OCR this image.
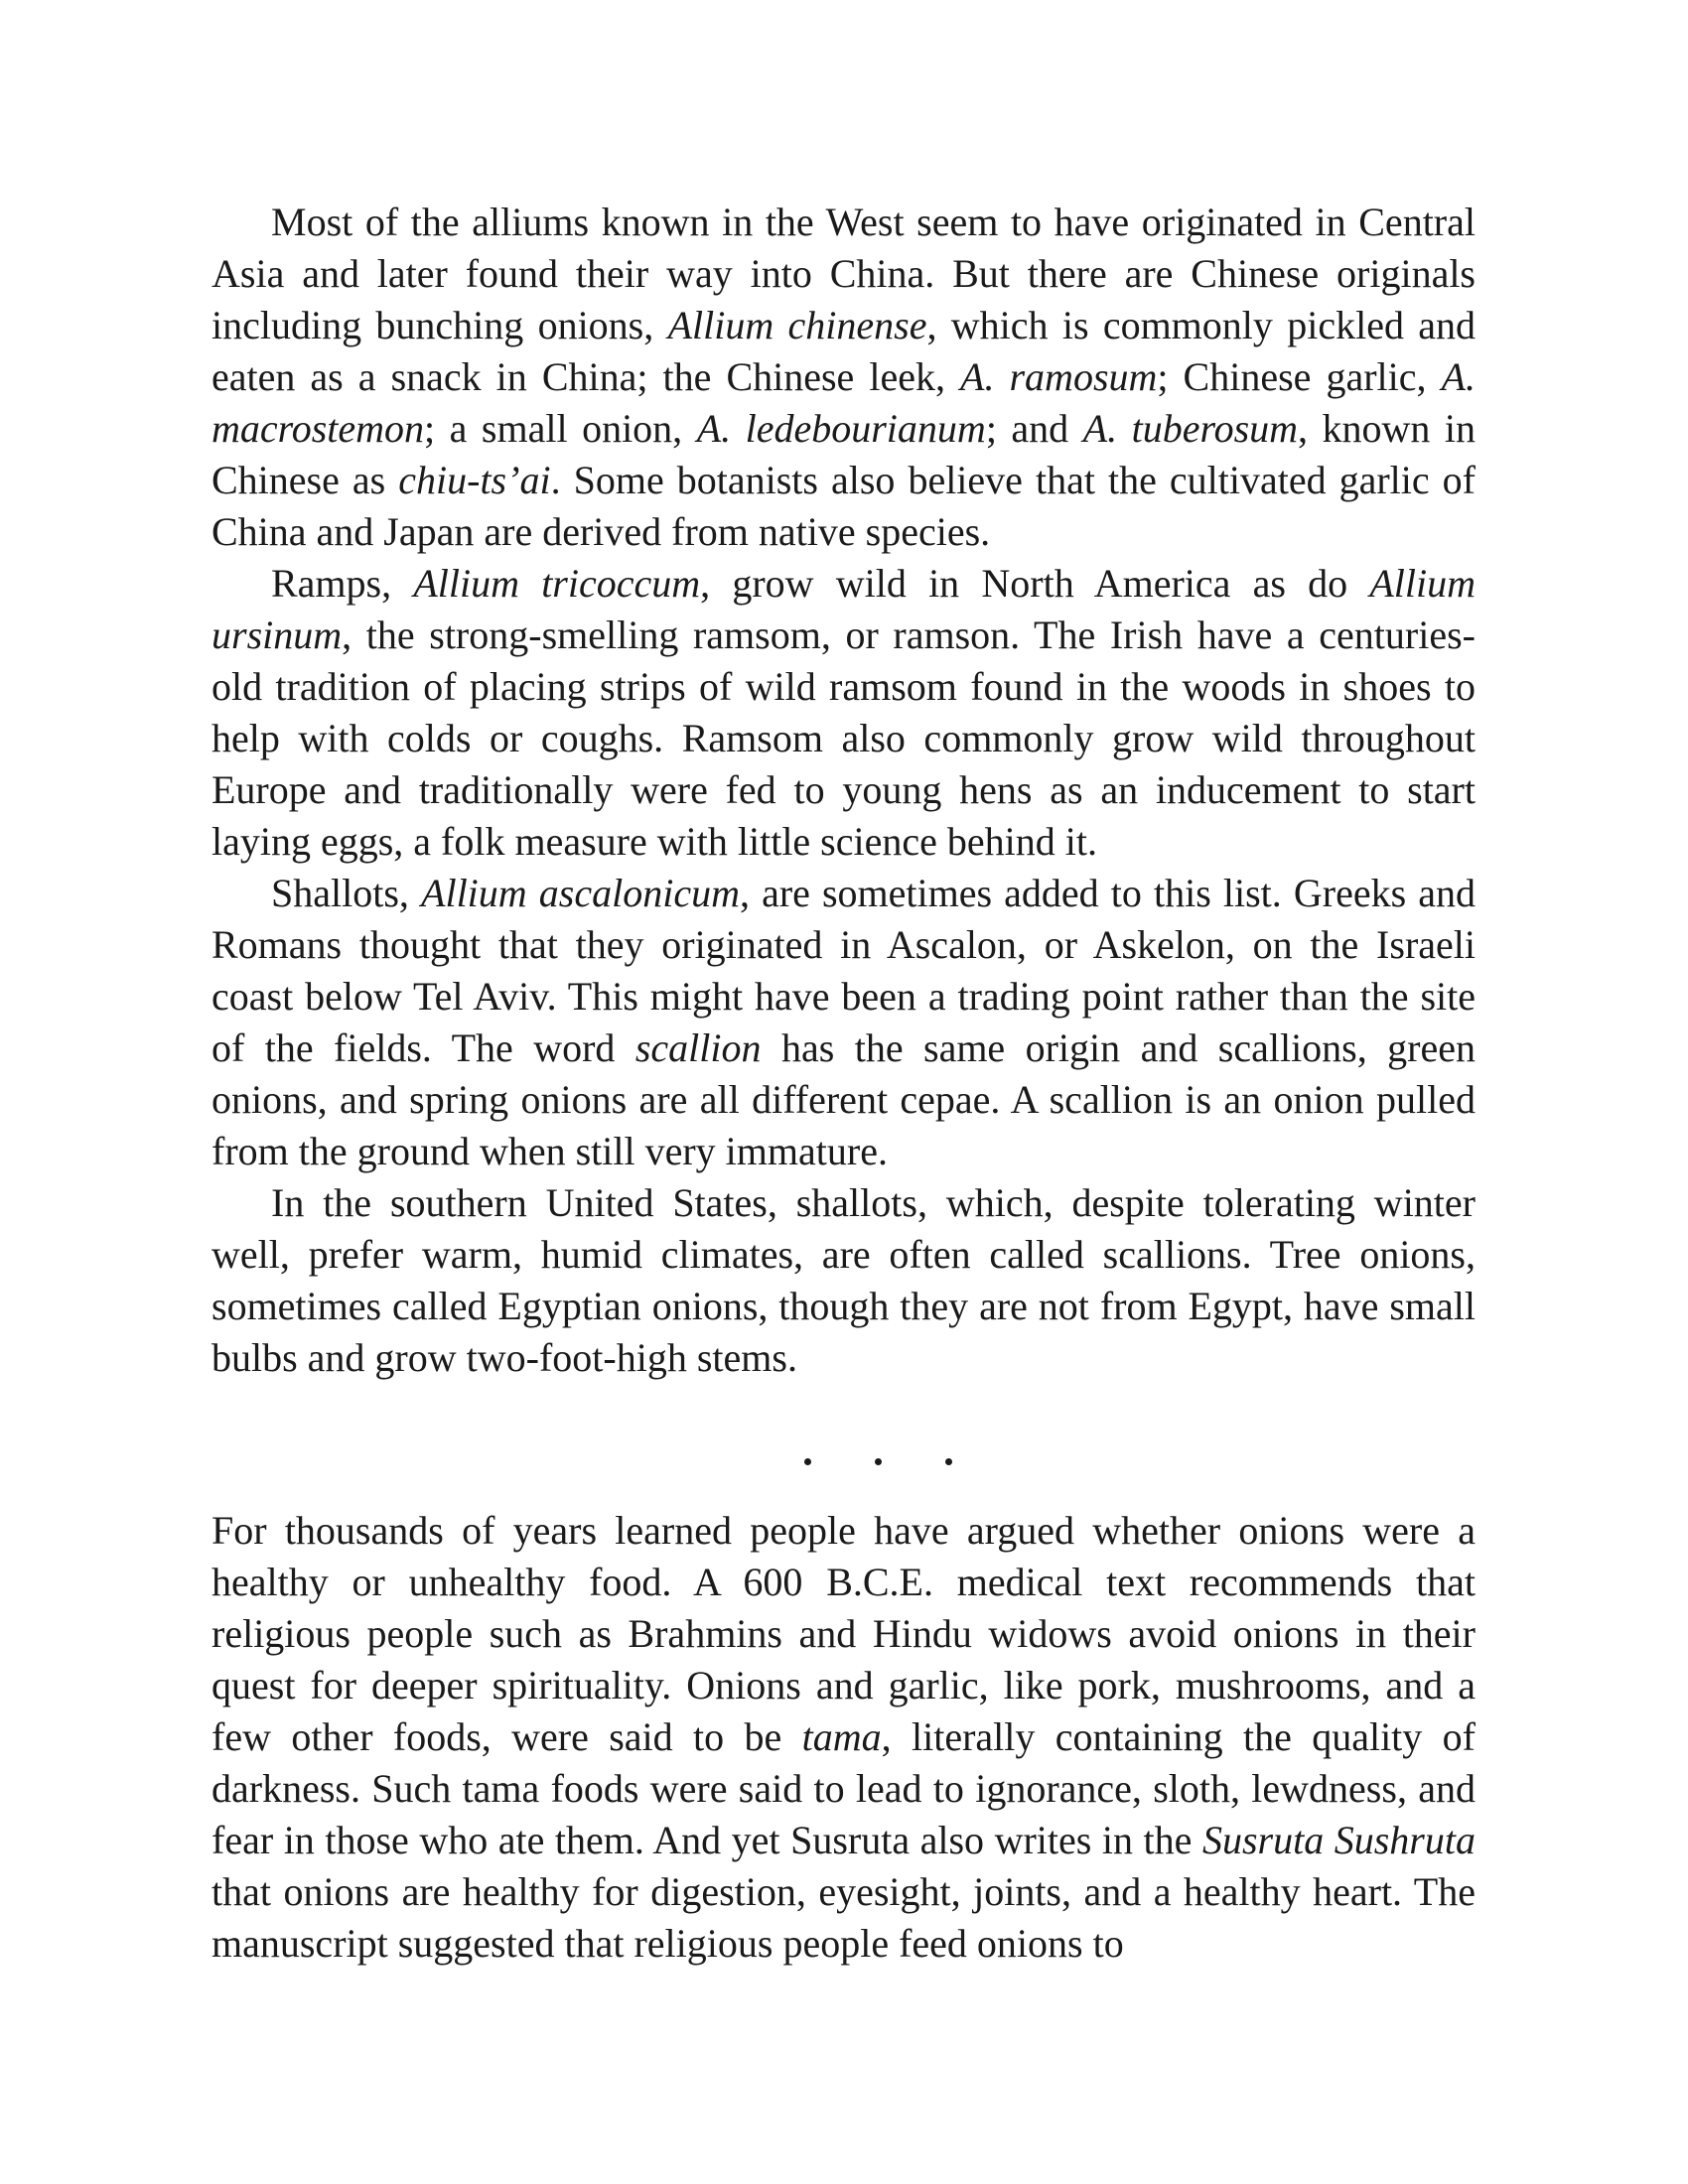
Most of the alliums known in the West seem to have originated in Central Asia and later found their way into China. But there are Chinese originals including bunching onions, Allium chinense, which is commonly pickled and eaten as a snack in China; the Chinese leek, A. ramosum; Chinese garlic, A. macrostemon; a small onion, A. ledebourianum; and A. tuberosum, known in Chinese as chiu-ts’ai. Some botanists also believe that the cultivated garlic of China and Japan are derived from native species.

Ramps, Allium tricoccum, grow wild in North America as do Allium ursinum, the strong-smelling ramsom, or ramson. The Irish have a centuries-old tradition of placing strips of wild ramsom found in the woods in shoes to help with colds or coughs. Ramsom also commonly grow wild throughout Europe and traditionally were fed to young hens as an inducement to start laying eggs, a folk measure with little science behind it.

Shallots, Allium ascalonicum, are sometimes added to this list. Greeks and Romans thought that they originated in Ascalon, or Askelon, on the Israeli coast below Tel Aviv. This might have been a trading point rather than the site of the fields. The word scallion has the same origin and scallions, green onions, and spring onions are all different cepae. A scallion is an onion pulled from the ground when still very immature.

In the southern United States, shallots, which, despite tolerating winter well, prefer warm, humid climates, are often called scallions. Tree onions, sometimes called Egyptian onions, though they are not from Egypt, have small bulbs and grow two-foot-high stems.

For thousands of years learned people have argued whether onions were a healthy or unhealthy food. A 600 B.C.E. medical text recommends that religious people such as Brahmins and Hindu widows avoid onions in their quest for deeper spirituality. Onions and garlic, like pork, mushrooms, and a few other foods, were said to be tama, literally containing the quality of darkness. Such tama foods were said to lead to ignorance, sloth, lewdness, and fear in those who ate them. And yet Susruta also writes in the Susruta Sushruta that onions are healthy for digestion, eyesight, joints, and a healthy heart. The manuscript suggested that religious people feed onions to
